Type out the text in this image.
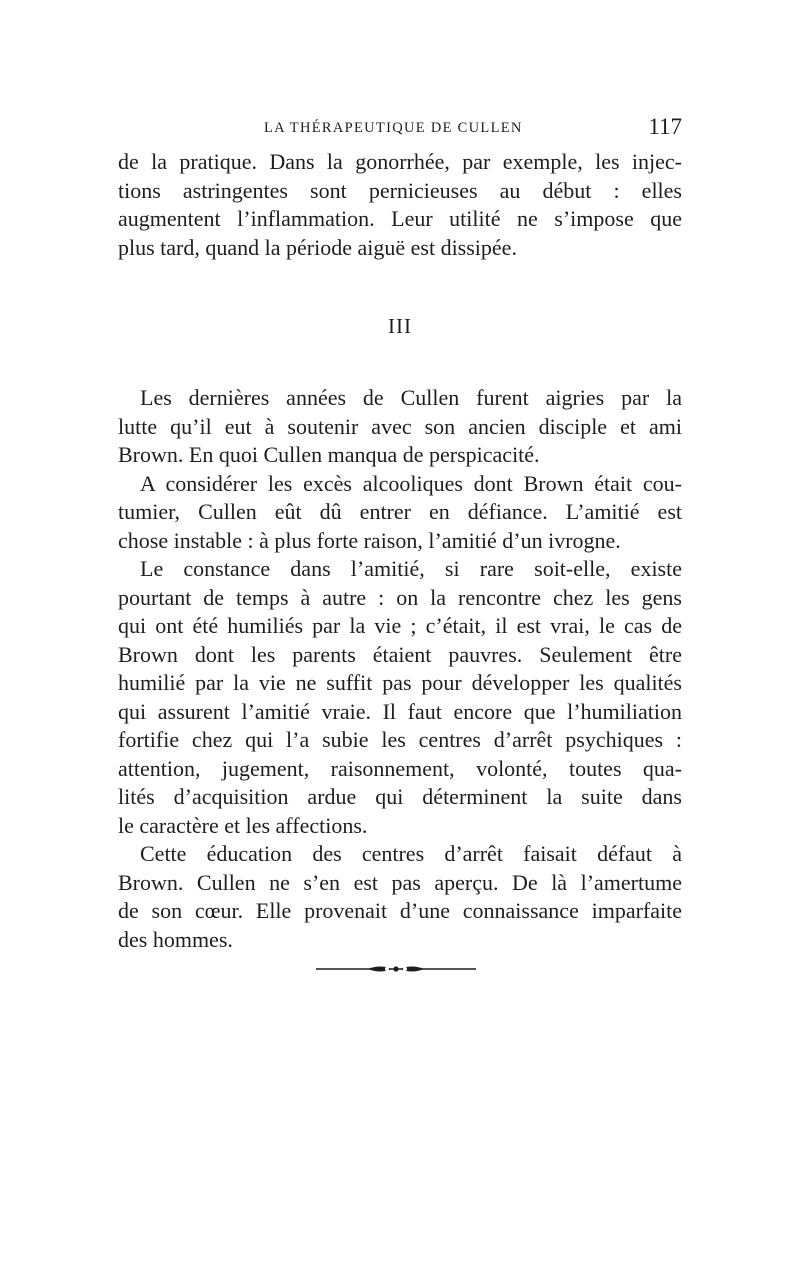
LA THÉRAPEUTIQUE DE CULLEN	117

de la pratique. Dans la gonorrhée, par exemple, les injec-

tions astringentes sont pernicieuses au début : elles

augmentent l’inflammation. Leur utilité ne s’impose que

plus tard, quand la période aiguë est dissipée.

III

Les dernières années de Cullen furent aigries par la

lutte qu’il eut à soutenir avec son ancien disciple et ami

Brown. En quoi Cullen manqua de perspicacité.

A considérer les excès alcooliques dont Brown était cou-

tumier, Cullen eût dû entrer en défiance. L’amitié est

chose instable : à plus forte raison, l’amitié d’un ivrogne.

Le constance dans l’amitié, si rare soit-elle, existe

pourtant de temps à autre : on la rencontre chez les gens

qui ont été humiliés par la vie ; c’était, il est vrai, le cas de

Brown dont les parents étaient pauvres. Seulement être

humilié par la vie ne suffit pas pour développer les qualités

qui assurent l’amitié vraie. Il faut encore que l’humiliation

fortifie chez qui l’a subie les centres d’arrêt psychiques :

attention, jugement, raisonnement, volonté, toutes qua-

lités d’acquisition ardue qui déterminent la suite dans

le caractère et les affections.

Cette éducation des centres d’arrêt faisait défaut à

Brown. Cullen ne s’en est pas aperçu. De là l’amertume

de son cœur. Elle provenait d’une connaissance imparfaite

des hommes.
